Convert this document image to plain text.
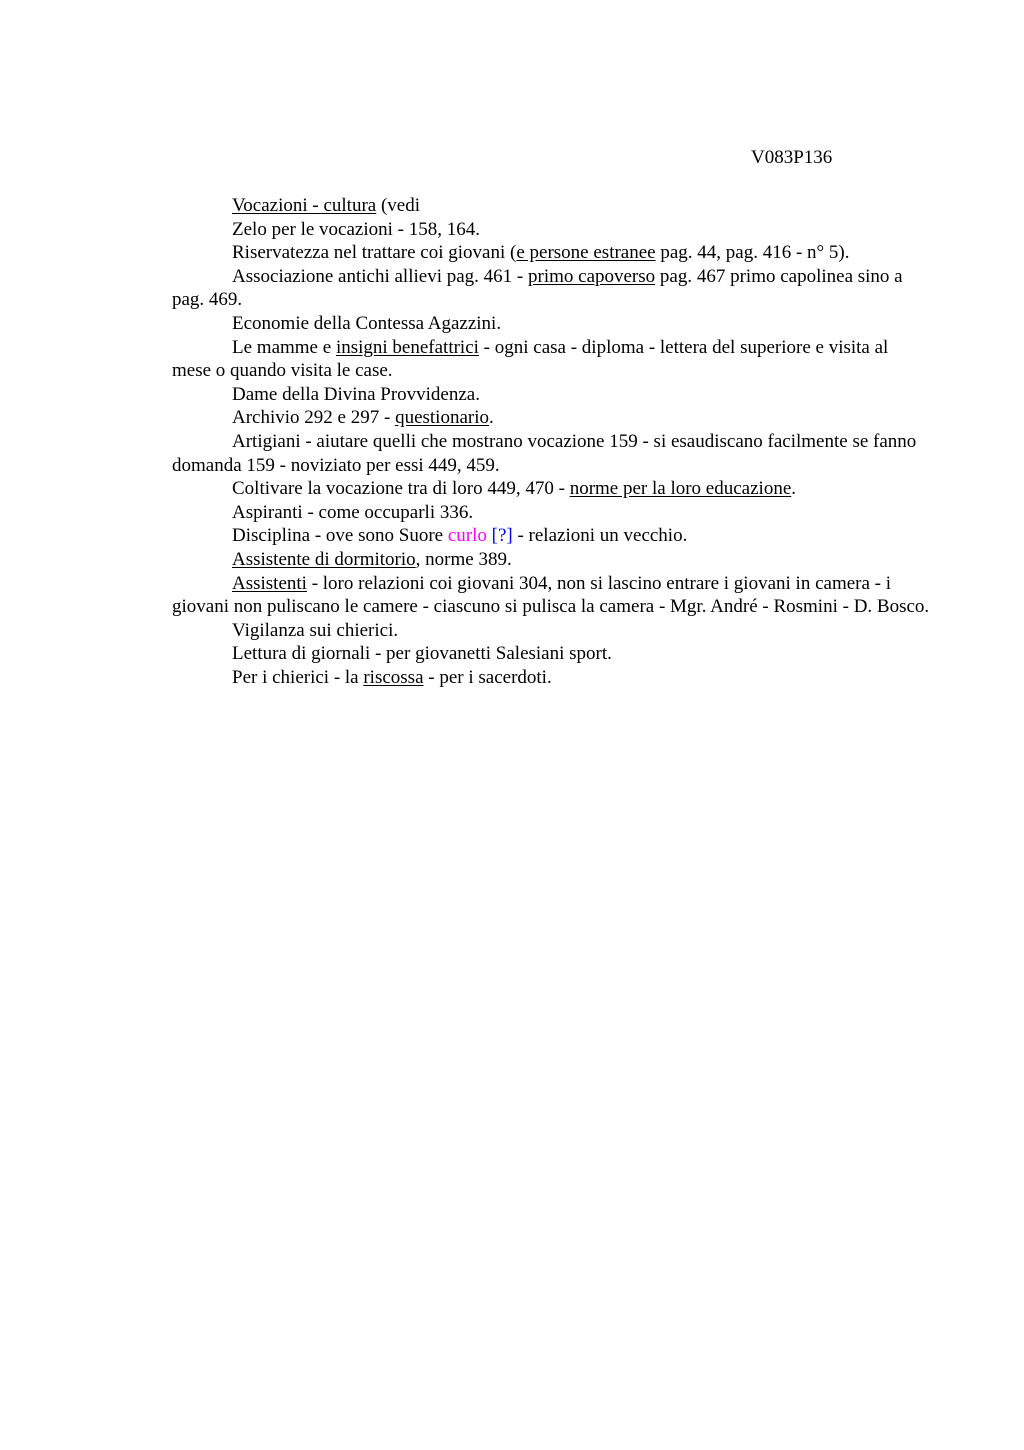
V083P136

Vocazioni - cultura (vedi

Zelo per le vocazioni - 158, 164.

Riservatezza nel trattare coi giovani (e persone estranee pag. 44, pag. 416 - n° 5).

Associazione antichi allievi pag. 461 - primo capoverso pag. 467 primo capolinea sino a pag. 469.

Economie della Contessa Agazzini.

Le mamme e insigni benefattrici - ogni casa - diploma - lettera del superiore e visita al mese o quando visita le case.

Dame della Divina Provvidenza.

Archivio 292 e 297 - questionario.

Artigiani - aiutare quelli che mostrano vocazione 159 - si esaudiscano facilmente se fanno domanda 159 - noviziato per essi 449, 459.

Coltivare la vocazione tra di loro 449, 470 - norme per la loro educazione.

Aspiranti - come occuparli 336.

Disciplina - ove sono Suore curlo [?] - relazioni un vecchio.

Assistente di dormitorio, norme 389.

Assistenti - loro relazioni coi giovani 304, non si lascino entrare i giovani in camera - i giovani non puliscano le camere - ciascuno si pulisca la camera - Mgr. André - Rosmini - D. Bosco.

Vigilanza sui chierici.

Lettura di giornali - per giovanetti Salesiani sport.

Per i chierici - la riscossa - per i sacerdoti.
